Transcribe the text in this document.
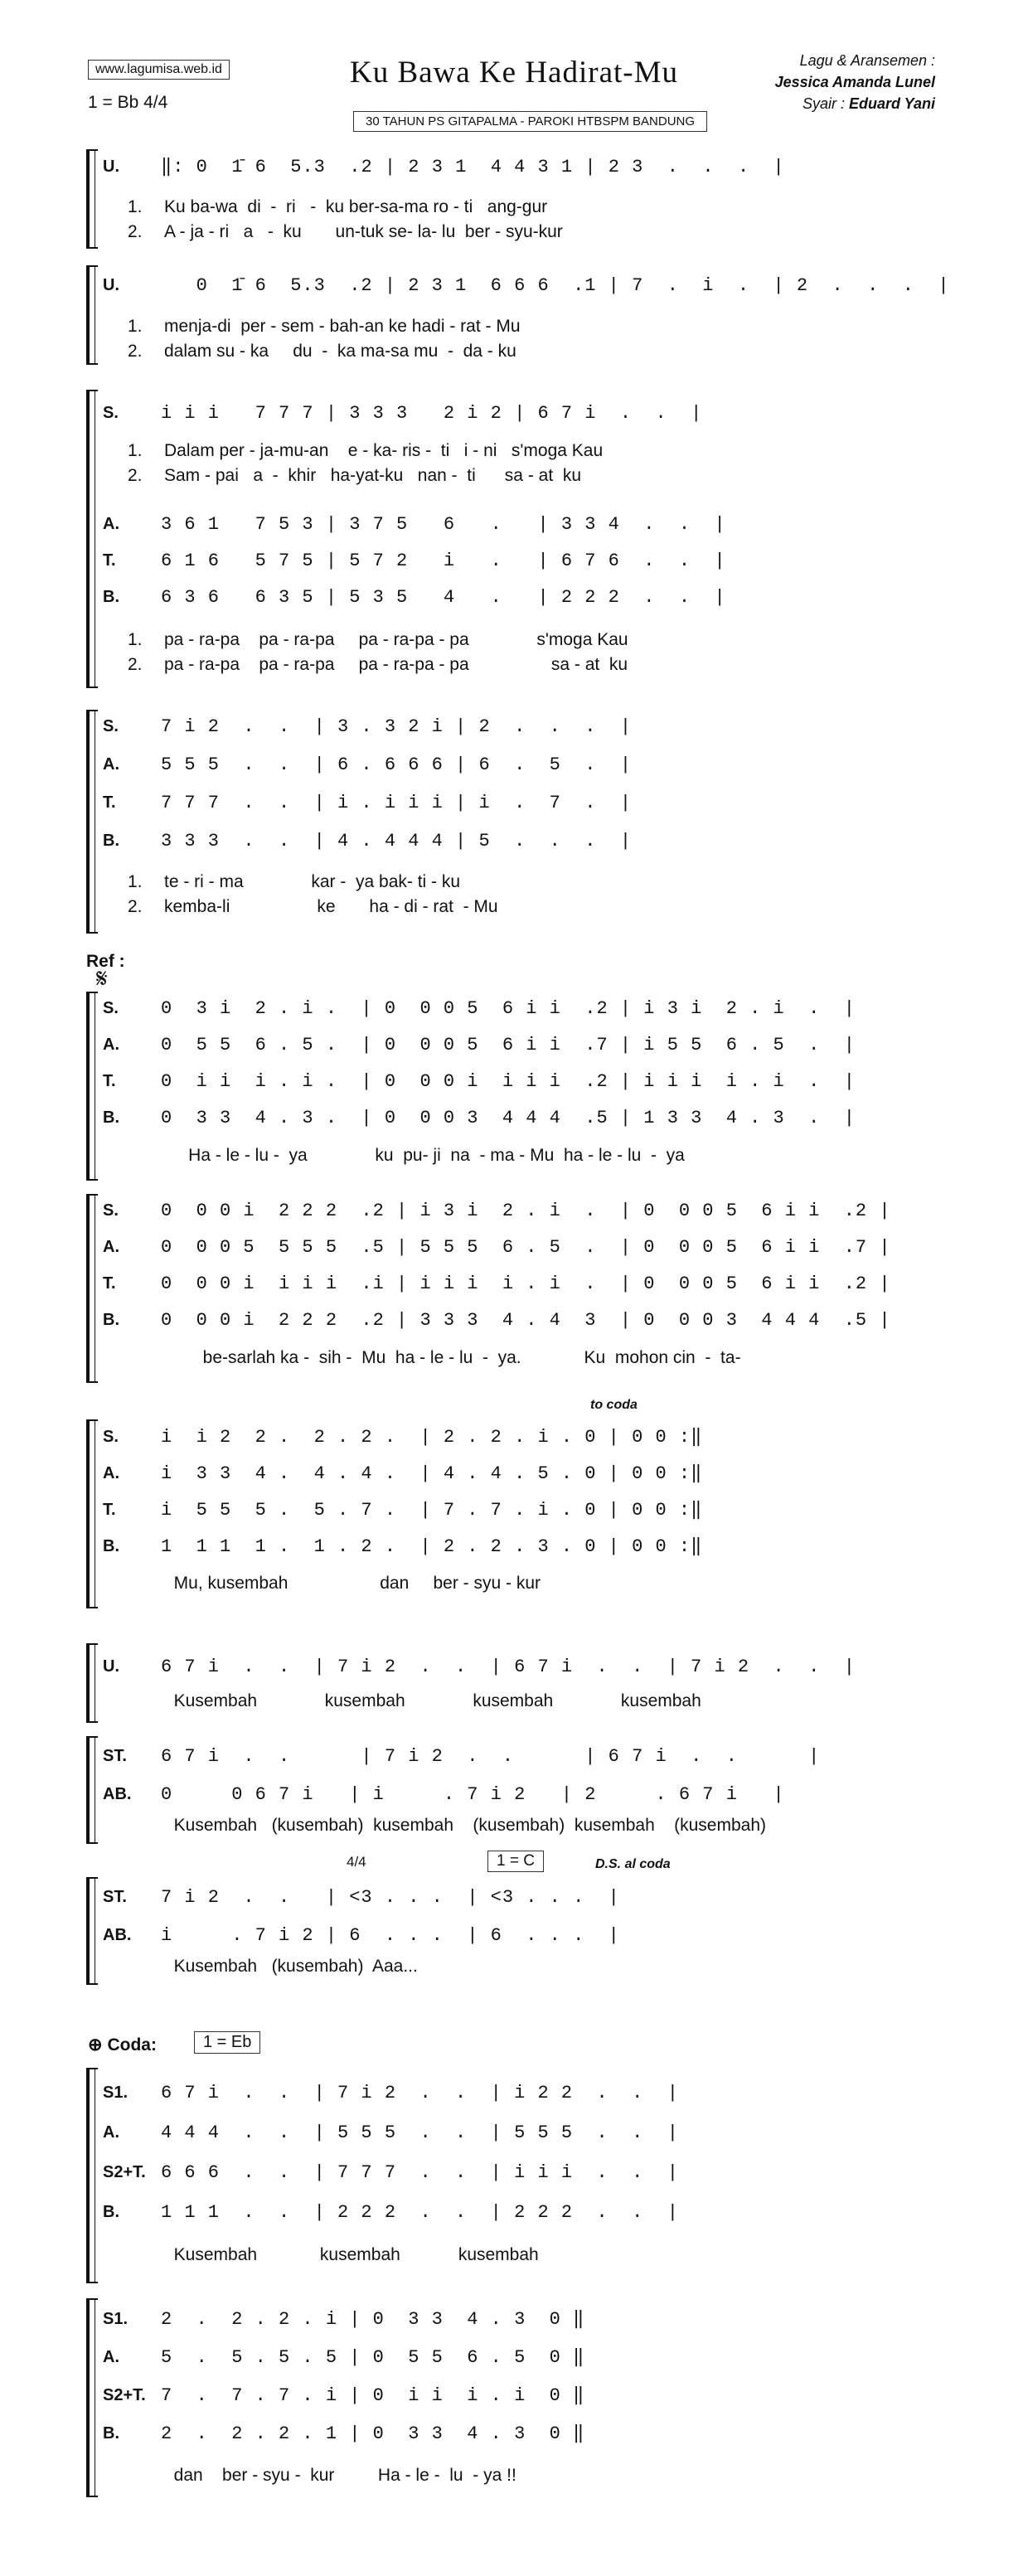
www.lagumisa.web.id
1 = Bb 4/4
Ku Bawa Ke Hadirat-Mu
30 TAHUN PS GITAPALMA - PAROKI HTBSPM BANDUNG
Lagu & Aransemen :
Jessica Amanda Lunel
Syair : Eduard Yani
U. ‖: 0  1̄ 6  5.3  .2 | 2 3 1  4 4 3 1 | 2 3  .  .  .  |
1. Ku ba-wa  di  -  ri   -  ku ber-sa-ma ro - ti   ang-gur
2. A - ja - ri   a   -  ku       un-tuk se- la- lu  ber - syu-kur
U.   0  1̄ 6  5.3  .2 | 2 3 1  6 6 6  .1 | 7  .  i  .  | 2  .  .  .  |
1. menja-di  per - sem - bah-an ke hadi - rat - Mu
2. dalam su - ka     du  -  ka ma-sa mu  -  da - ku
S. i i i   7 7 7 | 3 3 3   2 i 2 | 6 7 i  .  .  |
1. Dalam per - ja-mu-an    e - ka- ris -  ti   i - ni   s'moga Kau
2. Sam - pai   a  -  khir   ha-yat-ku   nan -  ti      sa - at  ku
A. 3 6 1   7 5 3 | 3 7 5   6   .   | 3 3 4  .  .  |
T. 6 1 6   5 7 5 | 5 7 2   i   .   | 6 7 6  .  .  |
B. 6 3 6   6 3 5 | 5 3 5   4   .   | 2 2 2  .  .  |
1. pa - ra-pa    pa - ra-pa     pa - ra-pa - pa              s'moga Kau
2. pa - ra-pa    pa - ra-pa     pa - ra-pa - pa                 sa - at  ku
S. 7 i 2  .  .  | 3 . 3 2 i | 2  .  .  .  |
A. 5 5 5  .  .  | 6 . 6 6 6 | 6  .  5  .  |
T. 7 7 7  .  .  | i . i i i | i  .  7  .  |
B. 3 3 3  .  .  | 4 . 4 4 4 | 5  .  .  .  |
1. te - ri - ma              kar -  ya bak- ti - ku
2. kemba-li                  ke       ha - di - rat  - Mu
Ref :
𝄋
S. 0  3 i  2 . i .  | 0  0 0 5  6 i i  .2 | i 3 i  2 . i  .  |
A. 0  5 5  6 . 5 .  | 0  0 0 5  6 i i  .7 | i 5 5  6 . 5  .  |
T. 0  i i  i . i .  | 0  0 0 i  i i i  .2 | i i i  i . i  .  |
B. 0  3 3  4 . 3 .  | 0  0 0 3  4 4 4  .5 | 1 3 3  4 . 3  .  |
Ha - le - lu -  ya              ku  pu- ji  na  - ma - Mu  ha - le - lu  -  ya
S. 0  0 0 i  2 2 2  .2 | i 3 i  2 . i  .  | 0  0 0 5  6 i i  .2 |
A. 0  0 0 5  5 5 5  .5 | 5 5 5  6 . 5  .  | 0  0 0 5  6 i i  .7 |
T. 0  0 0 i  i i i  .i | i i i  i . i  .  | 0  0 0 5  6 i i  .2 |
B. 0  0 0 i  2 2 2  .2 | 3 3 3  4 . 4  3  | 0  0 0 3  4 4 4  .5 |
be-sarlah ka -  sih -  Mu  ha - le - lu  -  ya.             Ku  mohon cin  -  ta-
to coda
S. i  i 2  2 .  2 . 2 .  | 2 . 2 . i . 0 | 0 0 :‖
A. i  3 3  4 .  4 . 4 .  | 4 . 4 . 5 . 0 | 0 0 :‖
T. i  5 5  5 .  5 . 7 .  | 7 . 7 . i . 0 | 0 0 :‖
B. 1  1 1  1 .  1 . 2 .  | 2 . 2 . 3 . 0 | 0 0 :‖
Mu, kusembah                   dan     ber - syu - kur
U. 6 7 i  .  .  | 7 i 2  .  .  | 6 7 i  .  .  | 7 i 2  .  .  |
Kusembah              kusembah              kusembah              kusembah
ST. 6 7 i  .  .      | 7 i 2  .  .      | 6 7 i  .  .      |
AB. 0     0 6 7 i   | i     . 7 i 2   | 2     . 6 7 i   |
Kusembah   (kusembah)  kusembah    (kusembah)  kusembah    (kusembah)
4/4	1 = C	D.S. al coda
ST. 7 i 2  .  .   | <3 . . .  | <3 . . .  |
AB. i     . 7 i 2 | 6  . . .  | 6  . . .  |
Kusembah   (kusembah)  Aaa...
⊕ Coda:	1 = Eb
S1. 6 7 i  .  .  | 7 i 2  .  .  | i 2 2  .  .  |
A. 4 4 4  .  .  | 5 5 5  .  .  | 5 5 5  .  .  |
S2+T. 6 6 6  .  .  | 7 7 7  .  .  | i i i  .  .  |
B. 1 1 1  .  .  | 2 2 2  .  .  | 2 2 2  .  .  |
Kusembah             kusembah            kusembah
S1. 2  .  2 . 2 . i | 0  3 3  4 . 3  0 ‖
A. 5  .  5 . 5 . 5 | 0  5 5  6 . 5  0 ‖
S2+T. 7  .  7 . 7 . i | 0  i i  i . i  0 ‖
B. 2  .  2 . 2 . 1 | 0  3 3  4 . 3  0 ‖
dan    ber - syu -  kur         Ha - le -  lu  - ya !!
